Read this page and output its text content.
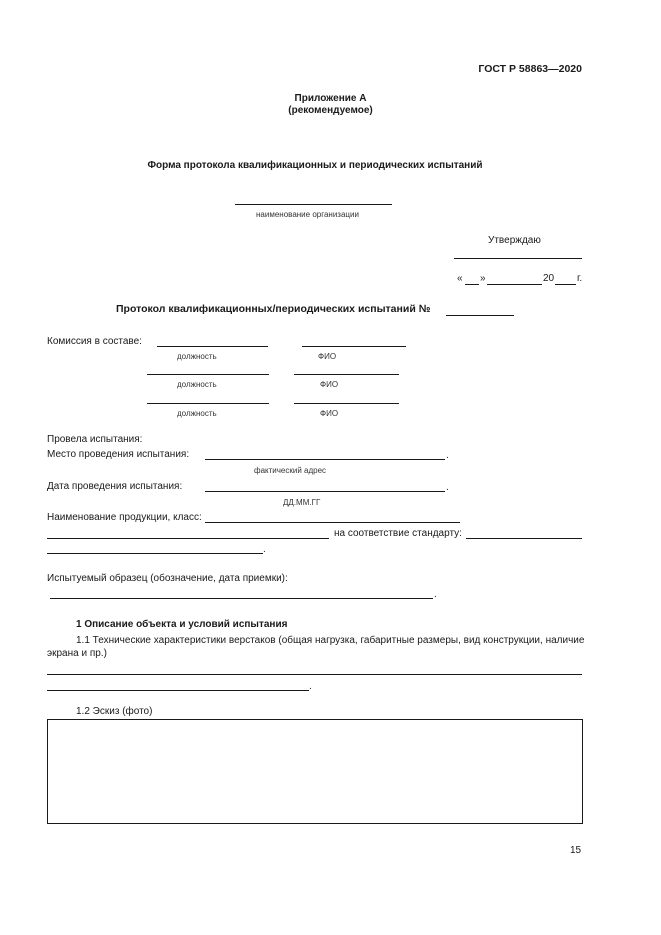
ГОСТ Р 58863—2020
Приложение А
(рекомендуемое)
Форма протокола квалификационных и периодических испытаний
наименование организации
Утверждаю
« »	20 г.
Протокол квалификационных/периодических испытаний №
Комиссия в составе:
должность	ФИО
должность	ФИО
должность	ФИО
Провела испытания:
Место проведения испытания:	.
фактический адрес
Дата проведения испытания:	.
ДД.ММ.ГГ
Наименование продукции, класс:
на соответствие стандарту:
.
Испытуемый образец (обозначение, дата приемки):
.
1 Описание объекта и условий испытания
1.1 Технические характеристики верстаков (общая нагрузка, габаритные размеры, вид конструкции, наличие
экрана и пр.)
.
1.2 Эскиз (фото)
15
